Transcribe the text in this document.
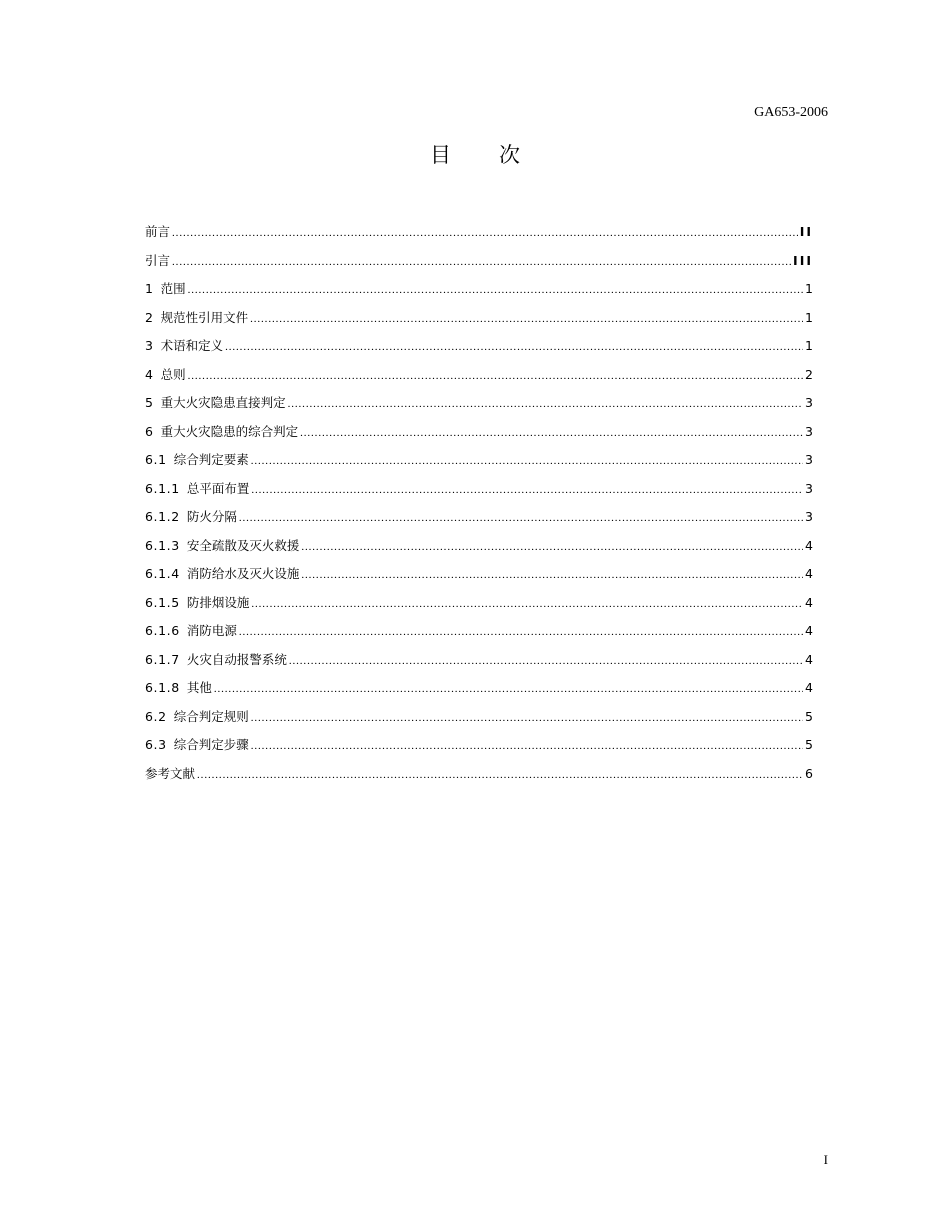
GA653-2006
目次
前言 .....	II
引言 .....	III
1 范围 .....	1
2 规范性引用文件 .....	1
3 术语和定义 .....	1
4 总则 .....	2
5 重大火灾隐患直接判定 .....	3
6 重大火灾隐患的综合判定 .....	3
6.1 综合判定要素 .....	3
6.1.1 总平面布置 .....	3
6.1.2 防火分隔 .....	3
6.1.3 安全疏散及灭火救援 .....	4
6.1.4 消防给水及灭火设施 .....	4
6.1.5 防排烟设施 .....	4
6.1.6 消防电源 .....	4
6.1.7 火灾自动报警系统 .....	4
6.1.8 其他 .....	4
6.2 综合判定规则 .....	5
6.3 综合判定步骤 .....	5
参考文献 .....	6
I
